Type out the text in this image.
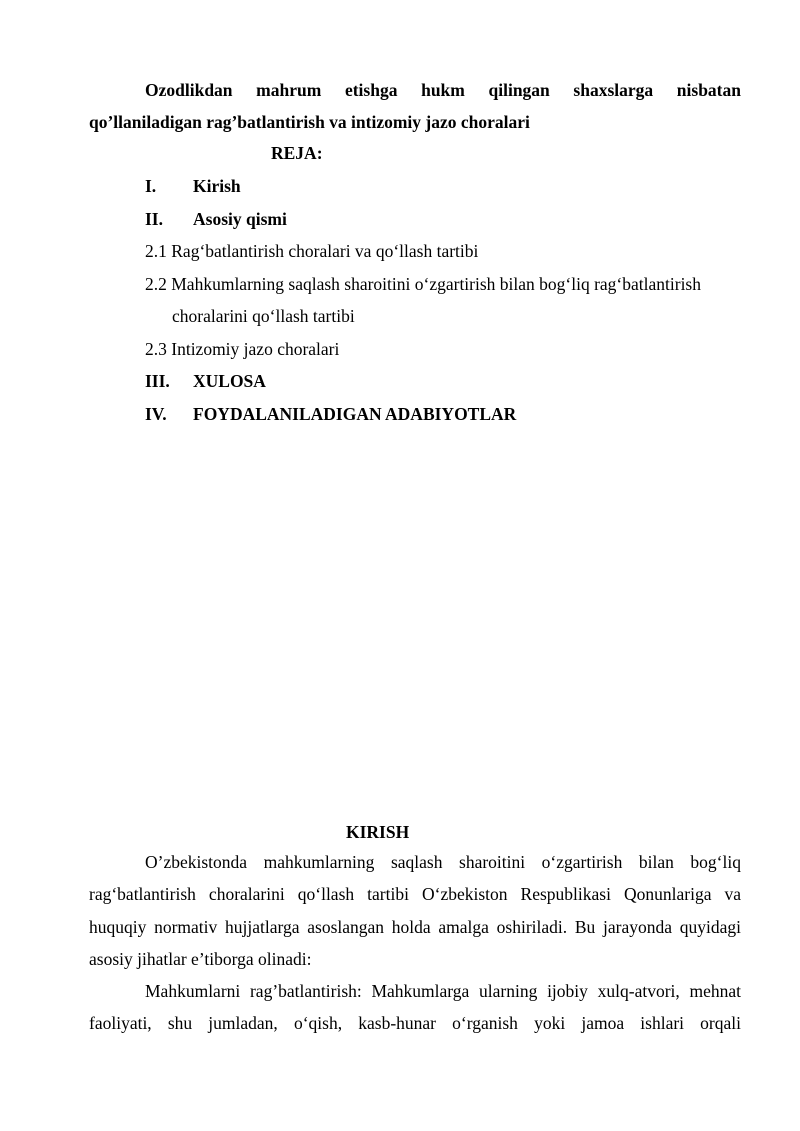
Ozodlikdan mahrum etishga hukm qilingan shaxslarga nisbatan
qo’llaniladigan rag’batlantirish va intizomiy jazo choralari
REJA:
I.	Kirish
II.	Asosiy qismi
2.1 Rag‘batlantirish choralari va qo‘llash tartibi
2.2 Mahkumlarning saqlash sharoitini o‘zgartirish bilan bog‘liq rag‘batlantirish
choralarini qo‘llash tartibi
2.3 Intizomiy jazo choralari
III.	XULOSA
IV.	FOYDALANILADIGAN ADABIYOTLAR
KIRISH

O’zbekistonda mahkumlarning saqlash sharoitini o‘zgartirish bilan bog‘liq rag‘batlantirish choralarini qo‘llash tartibi O‘zbekiston Respublikasi Qonunlariga va huquqiy normativ hujjatlarga asoslangan holda amalga oshiriladi. Bu jarayonda quyidagi asosiy jihatlar e’tiborga olinadi:

Mahkumlarni rag’batlantirish: Mahkumlarga ularning ijobiy xulq-atvori, mehnat faoliyati, shu jumladan, o‘qish, kasb-hunar o‘rganish yoki jamoa ishlari orqali
